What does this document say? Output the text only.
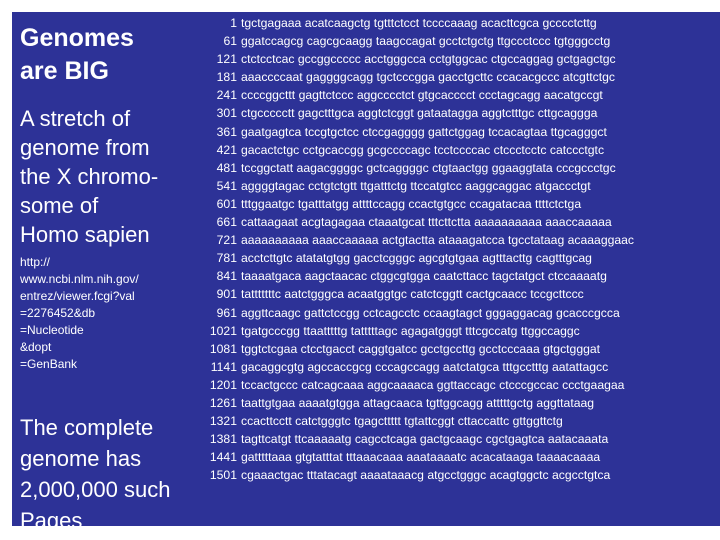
Genomes
are BIG
A stretch of
genome from
the X chromo-
some of
Homo sapien
http://
www.ncbi.nlm.nih.gov/
entrez/viewer.fcgi?val
=2276452&db
=Nucleotide
&dopt
=GenBank
The complete
genome has
2,000,000 such
Pages
1 tgctgagaaa acatcaagctg tgtttctcct tccccaaag acacttcgca gcccctcttg
61 ggatccagcg cagcgcaagg taagccagat gcctctgctg ttgccctccc tgtgggcctg
121 ctctcctcac gccggccccc acctgggcca cctgtggcac ctgccaggag gctgagctgc
181 aaacccсaat gaggggcagg tgctcccgga gacctgcttc ccacacgccc atcgttctgc
241 ccccggcttt gagttctccc aggcccctct gtgcacccct ccctagcagg aacatgccgt
301 ctgccccctt gagctttgca aggtctcggt gataatagga aggtctttgc cttgcaggga
361 gaatgagtca tccgtgctcc ctccgagggg gattctggag tccacagtaa ttgcagggct
421 gacactctgc cctgcaccgg gcgccccagc tcctccccac ctccctcctc catccctgtc
481 tccggctatt aagacggggc gctcaggggc ctgtaactgg ggaaggtata cccgccctgc
541 aggggtagac cctgtctgtt ttgatttctg ttccatgtcc aaggcaggac atgaccctgt
601 tttggaatgc tgatttatgg attttccagg ccactgtgcc ccagatacaa ttttctctga
661 cattaagaat acgtagagaa ctaaatgcat tttcttctta aaaaaaaaaa aaaccaaaaa
721 aaaaaaaaaa aaaccaaaaa actgtactta ataaagatcca tgcctataag acaaaggaac
781 acctcttgtc atatatgtgg gacctcgggc agcgtgtgaa agtttacttg cagtttgcag
841 taaaatgaca aagctaacac ctggcgtgga caatcttacc tagctatgct ctccaaaatg
901 tatttttttc aatctgggca acaatggtgc catctcggtt cactgcaacc tccgcttccc
961 aggttcaagc gattctccgg cctcagcctc ccaagtagct gggaggacag gcacccgcca
1021 tgatgcccgg ttaatttttg tatttttagc agagatgggt tttcgccatg ttggccaggc
1081 tggtctcgaa ctcctgacct caggtgatcc gcctgccttg gcctcccaaa gtgctgggat
1141 gacaggcgtg agccaccgcg cccagccagg aatctatgca tttgcctttg aatattagcc
1201 tccactgccc catcagcaaa aggcaaaaca ggttaccagc ctcccgccac ccctgaagaa
1261 taattgtgaa aaaatgtgga attagcaaca tgttggcagg atttttgctg aggttataag
1321 ccacttcctt catctgggtc tgagcttttt tgtattcggt cttaccattc gttggttctg
1381 tagttcatgt ttcaaaaatg cagcctcaga gactgcaagc cgctgagtca aatacaaata
1441 gatttttaaa gtgtatttat tttaaacaaa aaataaaatc acacataaga taaaacaaaa
1501 cgaaactgac tttatacagt aaaataaacg atgcctgggc acagtggctc acgcctgtca
